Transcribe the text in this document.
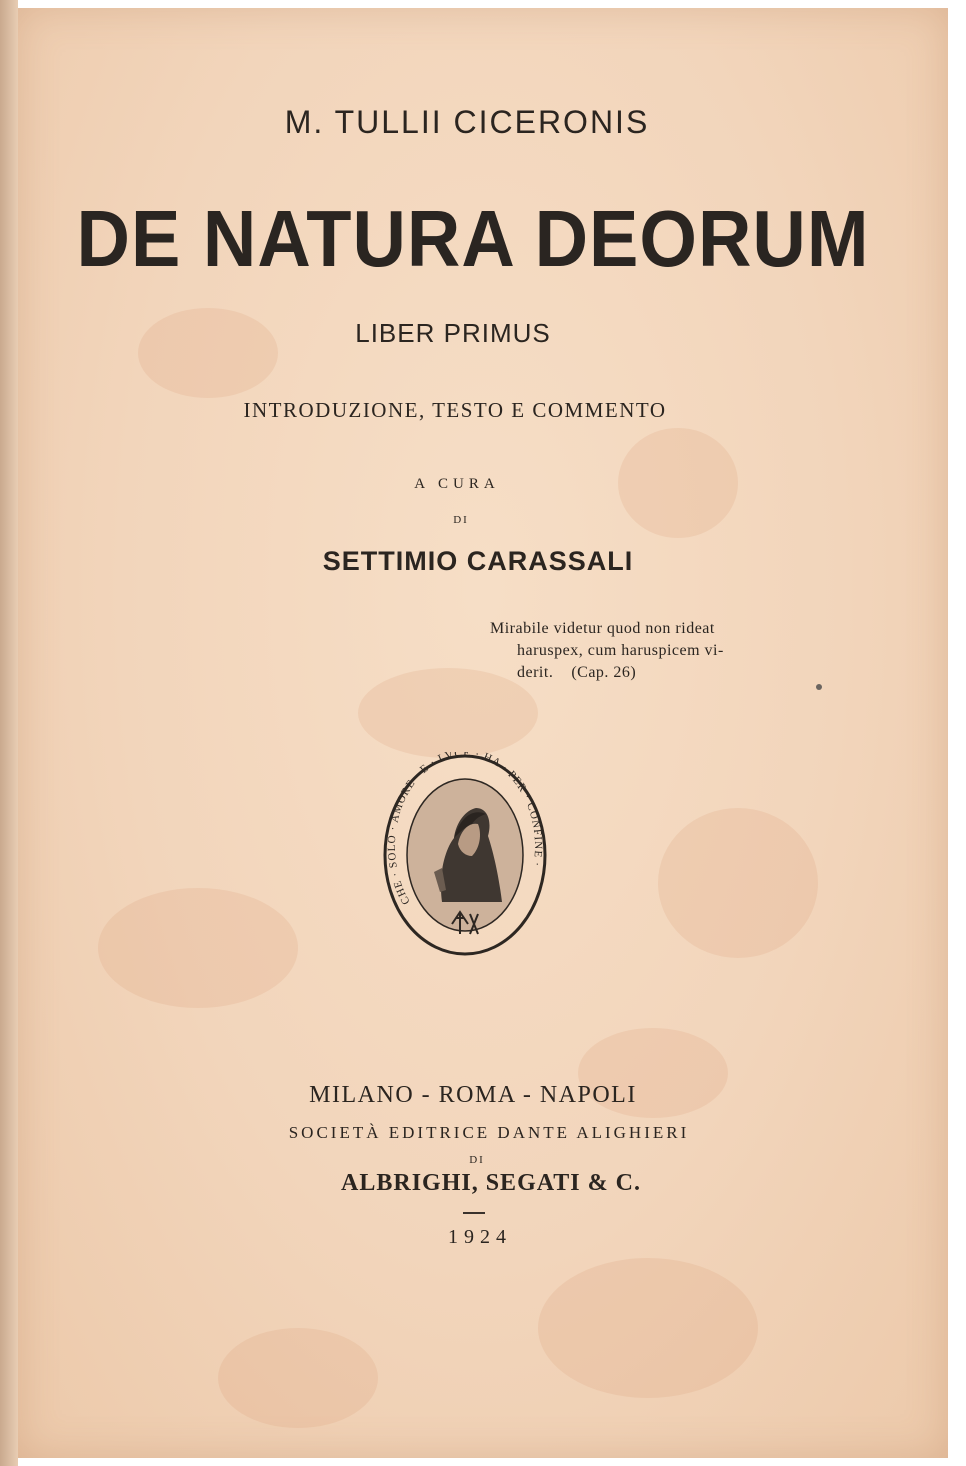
M. TULLII CICERONIS
DE NATURA DEORUM
LIBER PRIMUS
INTRODUZIONE, TESTO E COMMENTO
A CURA
DI
SETTIMIO CARASSALI
Mirabile videtur quod non rideat
haruspex, cum haruspicem vi-
derit. (Cap. 26)
CHE · SOLO · AMORE · E · LVCE · HA · PER · CONFINE ·
MILANO - ROMA - NAPOLI
SOCIETÀ EDITRICE DANTE ALIGHIERI
DI
ALBRIGHI, SEGATI & C.
1924
